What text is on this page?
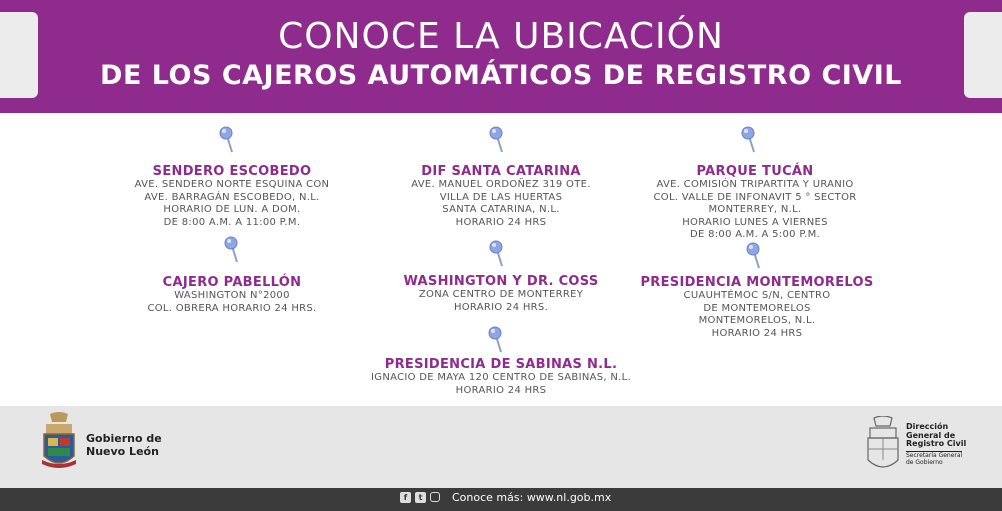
CONOCE LA UBICACIÓN
DE LOS CAJEROS AUTOMÁTICOS DE REGISTRO CIVIL
SENDERO ESCOBEDO
AVE. SENDERO NORTE ESQUINA CON
AVE. BARRAGÁN ESCOBEDO, N.L.
HORARIO DE LUN. A DOM.
DE 8:00 A.M. A 11:00 P.M.
DIF SANTA CATARINA
AVE. MANUEL ORDOÑEZ 319 OTE.
VILLA DE LAS HUERTAS
SANTA CATARINA, N.L.
HORARIO 24 HRS
PARQUE TUCÁN
AVE. COMISIÓN TRIPARTITA Y URANIO
COL. VALLE DE INFONAVIT 5 ° SECTOR
MONTERREY, N.L.
HORARIO LUNES A VIERNES
DE 8:00 A.M. A 5:00 P.M.
CAJERO PABELLÓN
WASHINGTON N°2000
COL. OBRERA HORARIO 24 HRS.
WASHINGTON Y DR. COSS
ZONA CENTRO DE MONTERREY
HORARIO 24 HRS.
PRESIDENCIA MONTEMORELOS
CUAUHTÉMOC S/N, CENTRO
DE MONTEMORELOS
MONTEMORELOS, N.L.
HORARIO 24 HRS
PRESIDENCIA DE SABINAS N.L.
IGNACIO DE MAYA 120 CENTRO DE SABINAS, N.L.
HORARIO 24 HRS
Gobierno de
Nuevo León
Dirección
General de
Registro Civil
Secretaría General
de Gobierno
f	t	Conoce más: www.nl.gob.mx
